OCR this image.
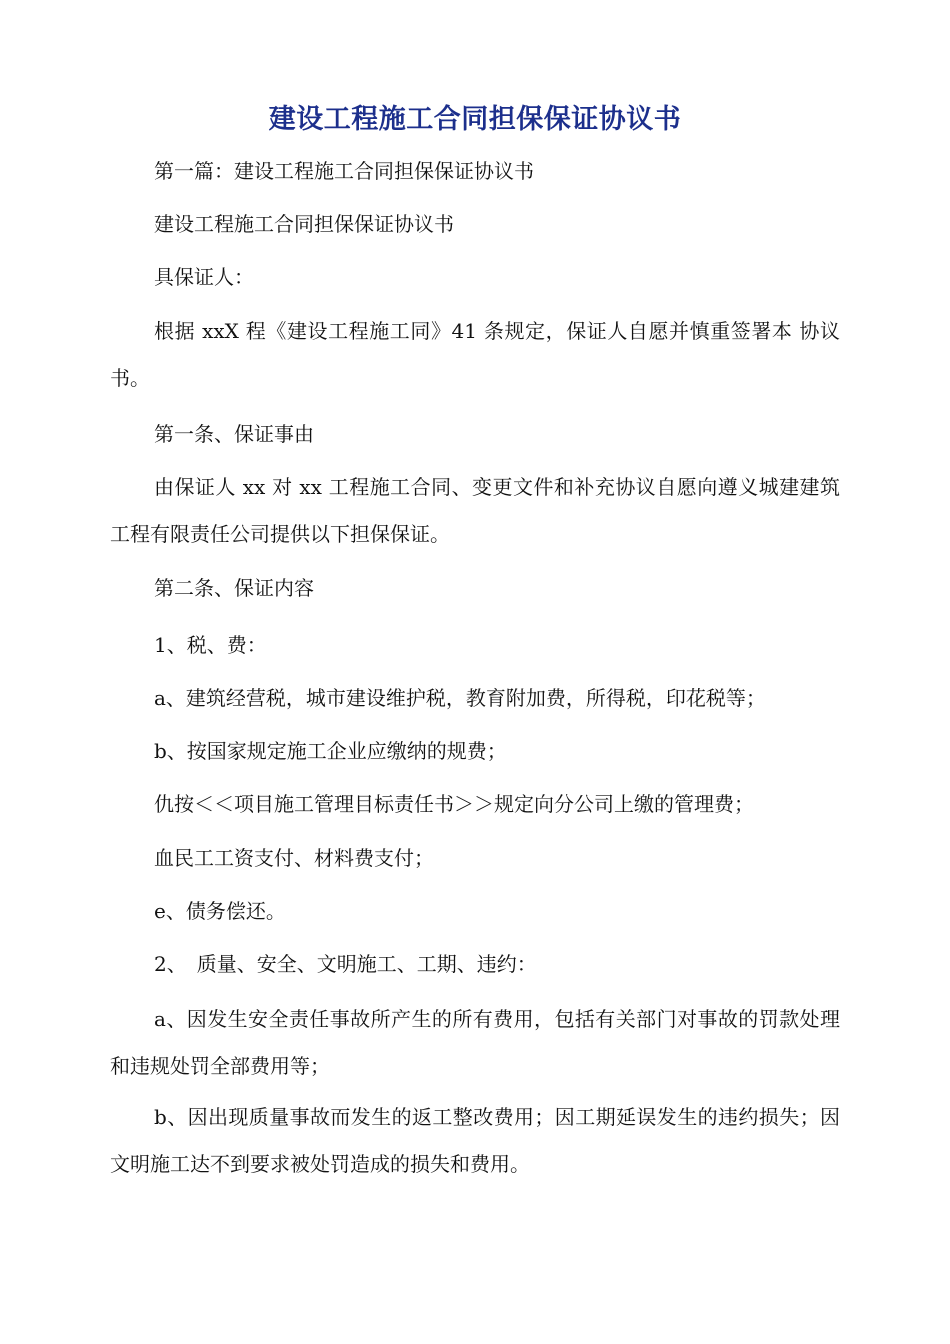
建设工程施工合同担保保证协议书
第一篇：建设工程施工合同担保保证协议书
建设工程施工合同担保保证协议书
具保证人：
根据 xxX 程《建设工程施工同》41 条规定，保证人自愿并慎重签署本 协议书。
第一条、保证事由
由保证人 xx 对 xx 工程施工合同、变更文件和补充协议自愿向遵义城建建筑工程有限责任公司提供以下担保保证。
第二条、保证内容
1、税、费：
a、建筑经营税，城市建设维护税，教育附加费，所得税，印花税等；
b、按国家规定施工企业应缴纳的规费；
仇按＜＜项目施工管理目标责任书＞＞规定向分公司上缴的管理费；
血民工工资支付、材料费支付；
e、债务偿还。
2、　质量、安全、文明施工、工期、违约：
a、因发生安全责任事故所产生的所有费用，包括有关部门对事故的罚款处理和违规处罚全部费用等；
b、因出现质量事故而发生的返工整改费用；因工期延误发生的违约损失；因文明施工达不到要求被处罚造成的损失和费用。
